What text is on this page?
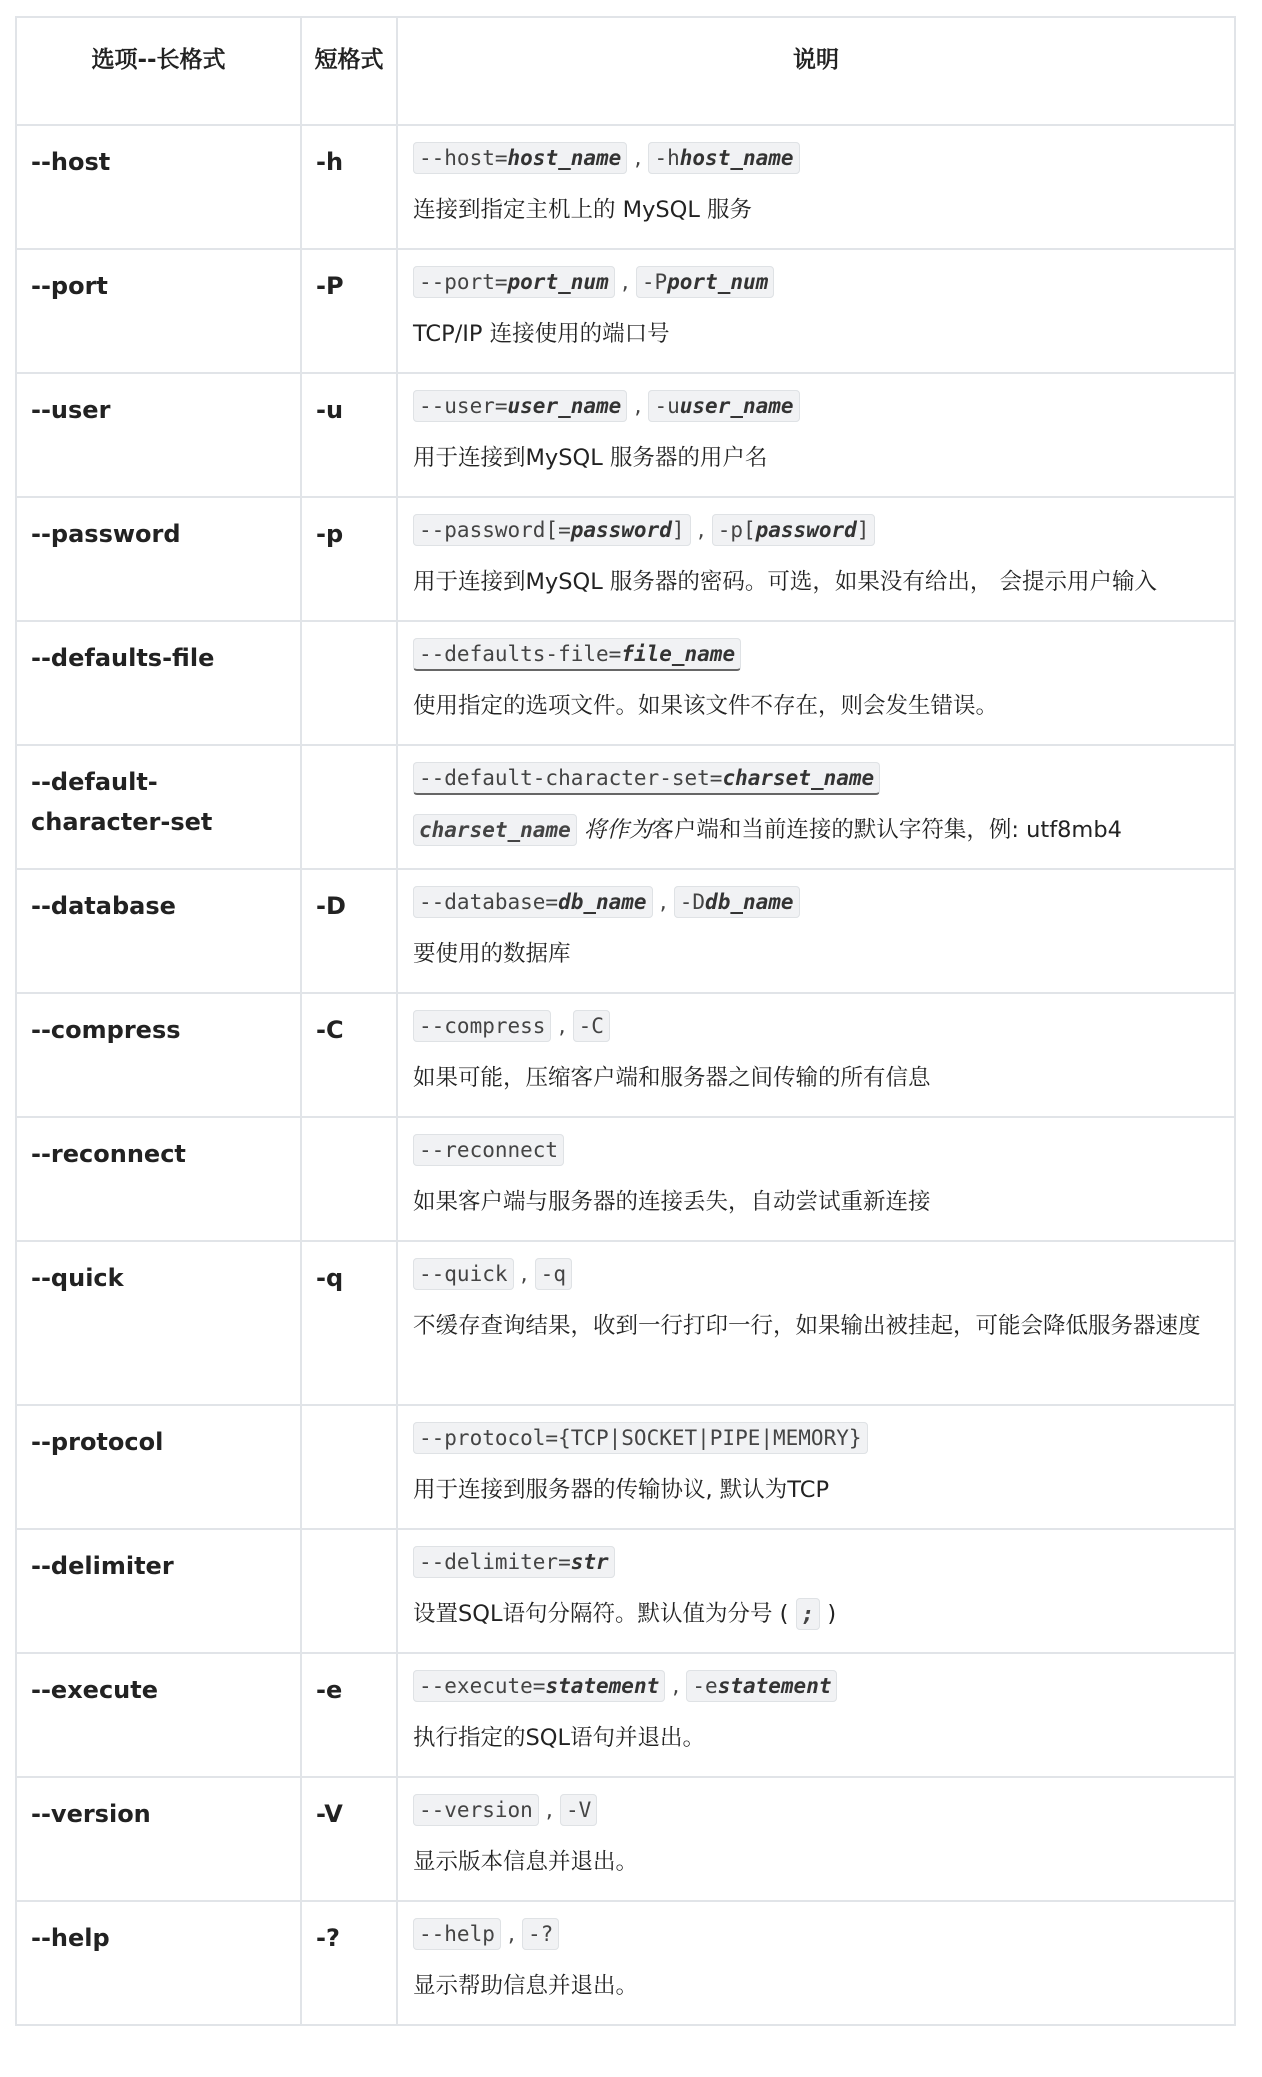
选项--长格式	短格式	说明
--host	-h	--host=host_name , -hhost_name
连接到指定主机上的 MySQL 服务

--port	-P	--port=port_num , -Pport_num
TCP/IP 连接使用的端口号

--user	-u	--user=user_name , -uuser_name
用于连接到MySQL 服务器的用户名

--password	-p	--password[=password] , -p[password]
用于连接到MySQL 服务器的密码。可选，如果没有给出， 会提示用户输入

--defaults-file		--defaults-file=file_name
使用指定的选项文件。如果该文件不存在，则会发生错误。

--default-character-set		--default-character-set=charset_name
charset_name 将作为客户端和当前连接的默认字符集，例: utf8mb4

--database	-D	--database=db_name , -Ddb_name
要使用的数据库

--compress	-C	--compress , -C
如果可能，压缩客户端和服务器之间传输的所有信息

--reconnect		--reconnect
如果客户端与服务器的连接丢失，自动尝试重新连接

--quick	-q	--quick , -q
不缓存查询结果，收到一行打印一行，如果输出被挂起，可能会降低服务器速度

--protocol		--protocol={TCP|SOCKET|PIPE|MEMORY}
用于连接到服务器的传输协议, 默认为TCP

--delimiter		--delimiter=str
设置SQL语句分隔符。默认值为分号 ( ; )

--execute	-e	--execute=statement , -estatement
执行指定的SQL语句并退出。

--version	-V	--version , -V
显示版本信息并退出。

--help	-?	--help , -?
显示帮助信息并退出。
